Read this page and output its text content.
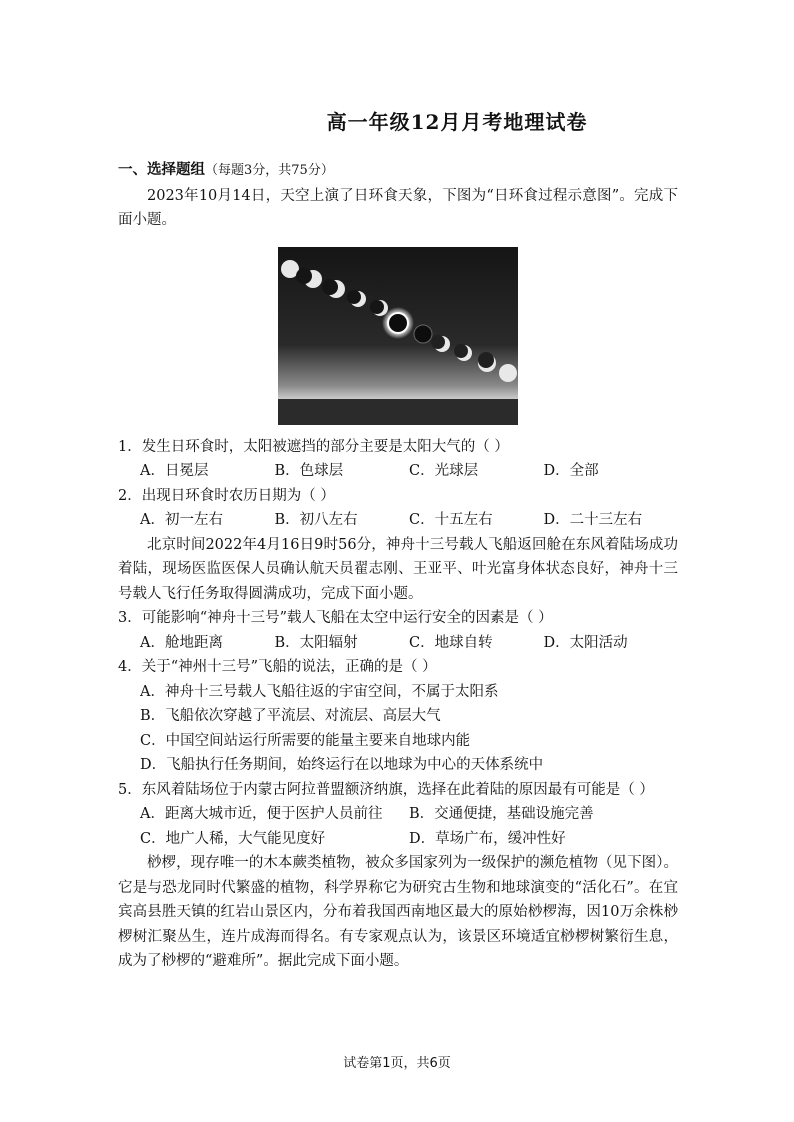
高一年级12月月考地理试卷
一、选择题组（每题3分，共75分）
2023年10月14日，天空上演了日环食天象，下图为“日环食过程示意图”。完成下面小题。
1．发生日环食时，太阳被遮挡的部分主要是太阳大气的（ ）
A．日冕层	B．色球层	C．光球层	D．全部
2．出现日环食时农历日期为（ ）
A．初一左右	B．初八左右	C．十五左右	D．二十三左右
北京时间2022年4月16日9时56分，神舟十三号载人飞船返回舱在东风着陆场成功着陆，现场医监医保人员确认航天员翟志刚、王亚平、叶光富身体状态良好，神舟十三号载人飞行任务取得圆满成功，完成下面小题。
3．可能影响“神舟十三号”载人飞船在太空中运行安全的因素是（ ）
A．舱地距离	B．太阳辐射	C．地球自转	D．太阳活动
4．关于“神州十三号”飞船的说法，正确的是（ ）
A．神舟十三号载人飞船往返的宇宙空间，不属于太阳系
B．飞船依次穿越了平流层、对流层、高层大气
C．中国空间站运行所需要的能量主要来自地球内能
D．飞船执行任务期间，始终运行在以地球为中心的天体系统中
5．东风着陆场位于内蒙古阿拉普盟额济纳旗，选择在此着陆的原因最有可能是（ ）
A．距离大城市近，便于医护人员前往	B．交通便捷，基础设施完善
C．地广人稀，大气能见度好	D．草场广布，缓冲性好
桫椤，现存唯一的木本蕨类植物，被众多国家列为一级保护的濒危植物（见下图）。它是与恐龙同时代繁盛的植物，科学界称它为研究古生物和地球演变的“活化石”。在宜宾高县胜天镇的红岩山景区内，分布着我国西南地区最大的原始桫椤海，因10万余株桫椤树汇聚丛生，连片成海而得名。有专家观点认为，该景区环境适宜桫椤树繁衍生息，成为了桫椤的“避难所”。据此完成下面小题。
试卷第1页，共6页
